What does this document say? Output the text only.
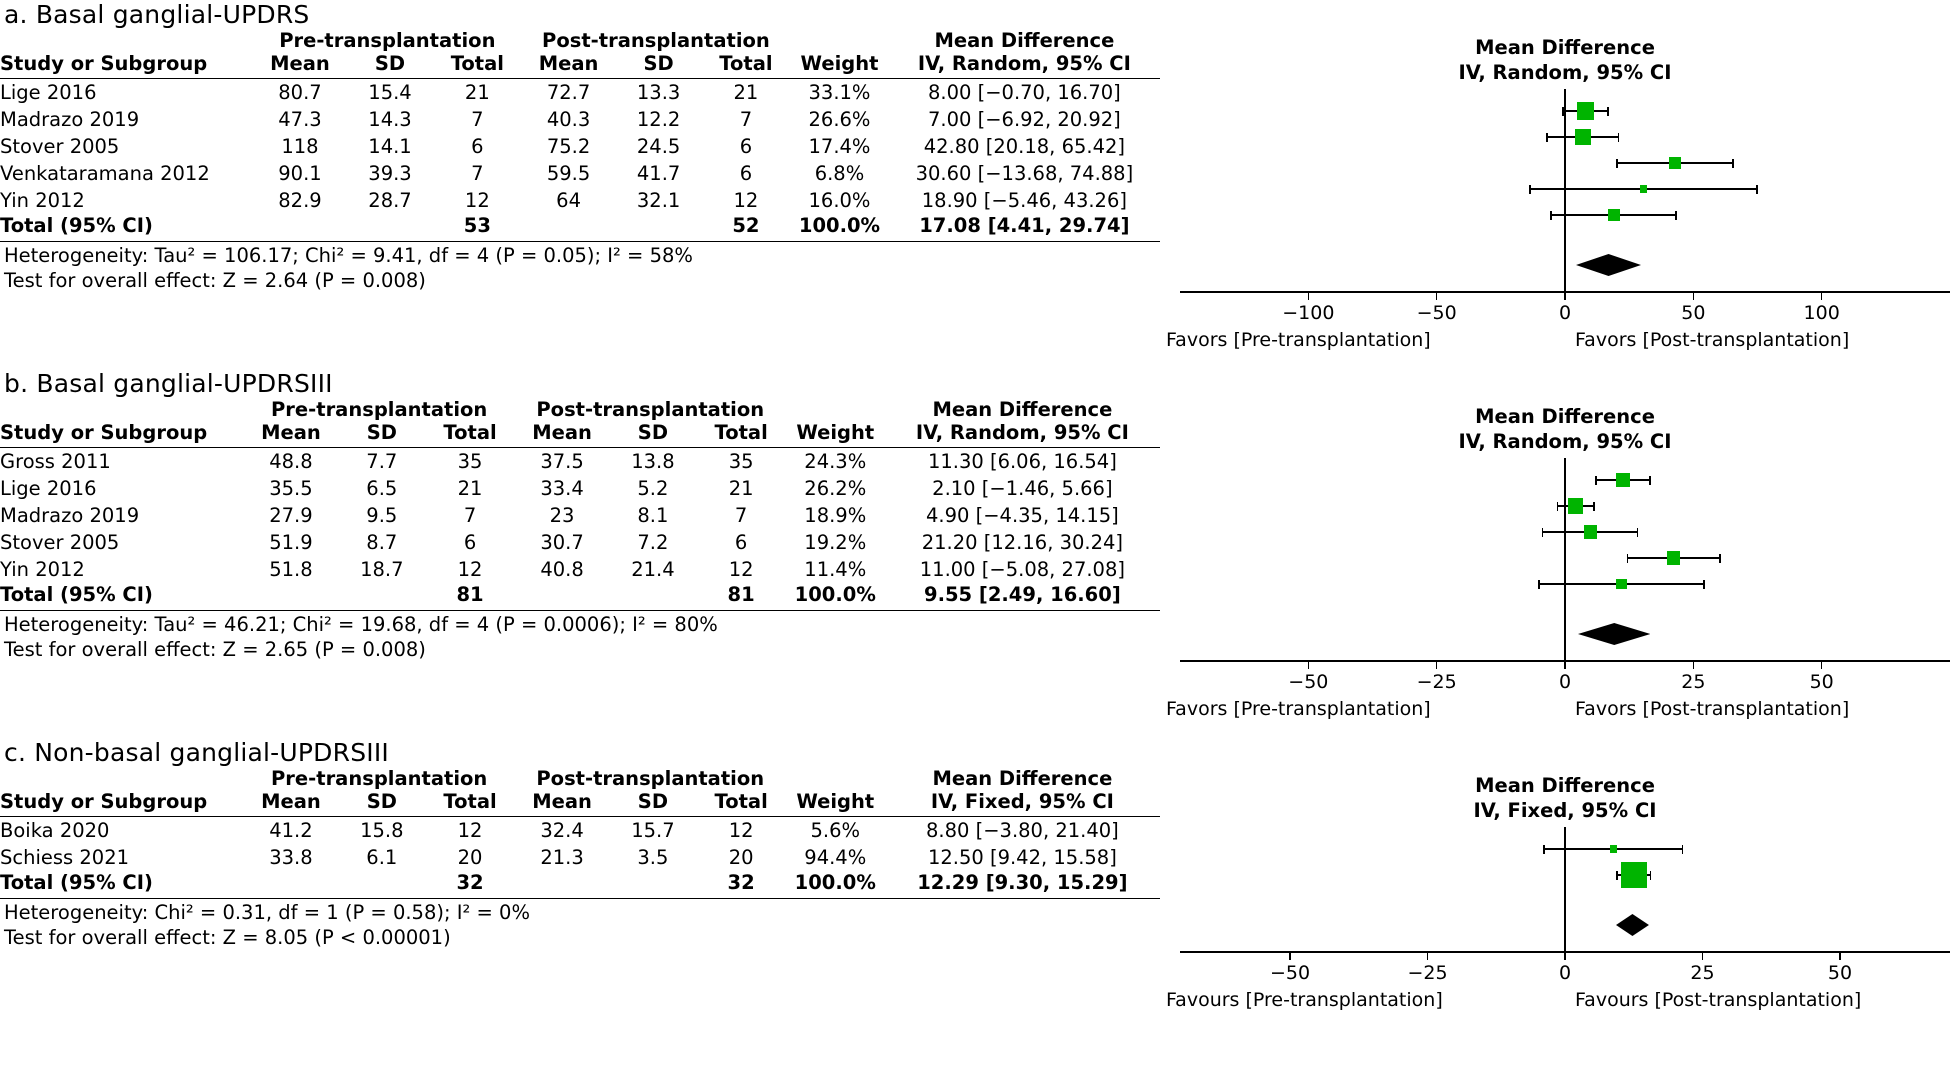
a. Basal ganglial-UPDRS
	Pre-transplantation			Post-transplantation				Mean Difference
Study or Subgroup	Mean	SD	Total	Mean	SD	Total	Weight	IV, Random, 95% CI

Lige 2016	80.7	15.4	21	72.7	13.3	21	33.1%	8.00 [−0.70, 16.70]
Madrazo 2019	47.3	14.3	7	40.3	12.2	7	26.6%	7.00 [−6.92, 20.92]
Stover 2005	118	14.1	6	75.2	24.5	6	17.4%	42.80 [20.18, 65.42]
Venkataramana 2012	90.1	39.3	7	59.5	41.7	6	6.8%	30.60 [−13.68, 74.88]
Yin 2012	82.9	28.7	12	64	32.1	12	16.0%	18.90 [−5.46, 43.26]
Total (95% CI)			53			52	100.0%	17.08 [4.41, 29.74]

Heterogeneity: Tau² = 106.17; Chi² = 9.41, df = 4 (P = 0.05); I² = 58%
Test for overall effect: Z = 2.64 (P = 0.008)
Mean Difference
IV, Random, 95% CI
−100	−50	0	50	100
Favors [Pre-transplantation]	Favors [Post-transplantation]
b. Basal ganglial-UPDRSIII
	Pre-transplantation			Post-transplantation				Mean Difference
Study or Subgroup	Mean	SD	Total	Mean	SD	Total	Weight	IV, Random, 95% CI

Gross 2011	48.8	7.7	35	37.5	13.8	35	24.3%	11.30 [6.06, 16.54]
Lige 2016	35.5	6.5	21	33.4	5.2	21	26.2%	2.10 [−1.46, 5.66]
Madrazo 2019	27.9	9.5	7	23	8.1	7	18.9%	4.90 [−4.35, 14.15]
Stover 2005	51.9	8.7	6	30.7	7.2	6	19.2%	21.20 [12.16, 30.24]
Yin 2012	51.8	18.7	12	40.8	21.4	12	11.4%	11.00 [−5.08, 27.08]
Total (95% CI)			81			81	100.0%	9.55 [2.49, 16.60]

Heterogeneity: Tau² = 46.21; Chi² = 19.68, df = 4 (P = 0.0006); I² = 80%
Test for overall effect: Z = 2.65 (P = 0.008)
Mean Difference
IV, Random, 95% CI
−50	−25	0	25	50
Favors [Pre-transplantation]	Favors [Post-transplantation]
c. Non-basal ganglial-UPDRSIII
	Pre-transplantation			Post-transplantation				Mean Difference
Study or Subgroup	Mean	SD	Total	Mean	SD	Total	Weight	IV, Fixed, 95% CI

Boika 2020	41.2	15.8	12	32.4	15.7	12	5.6%	8.80 [−3.80, 21.40]
Schiess 2021	33.8	6.1	20	21.3	3.5	20	94.4%	12.50 [9.42, 15.58]
Total (95% CI)			32			32	100.0%	12.29 [9.30, 15.29]

Heterogeneity: Chi² = 0.31, df = 1 (P = 0.58); I² = 0%
Test for overall effect: Z = 8.05 (P < 0.00001)
Mean Difference
IV, Fixed, 95% CI
−50	−25	0	25	50
Favours [Pre-transplantation]	Favours [Post-transplantation]
